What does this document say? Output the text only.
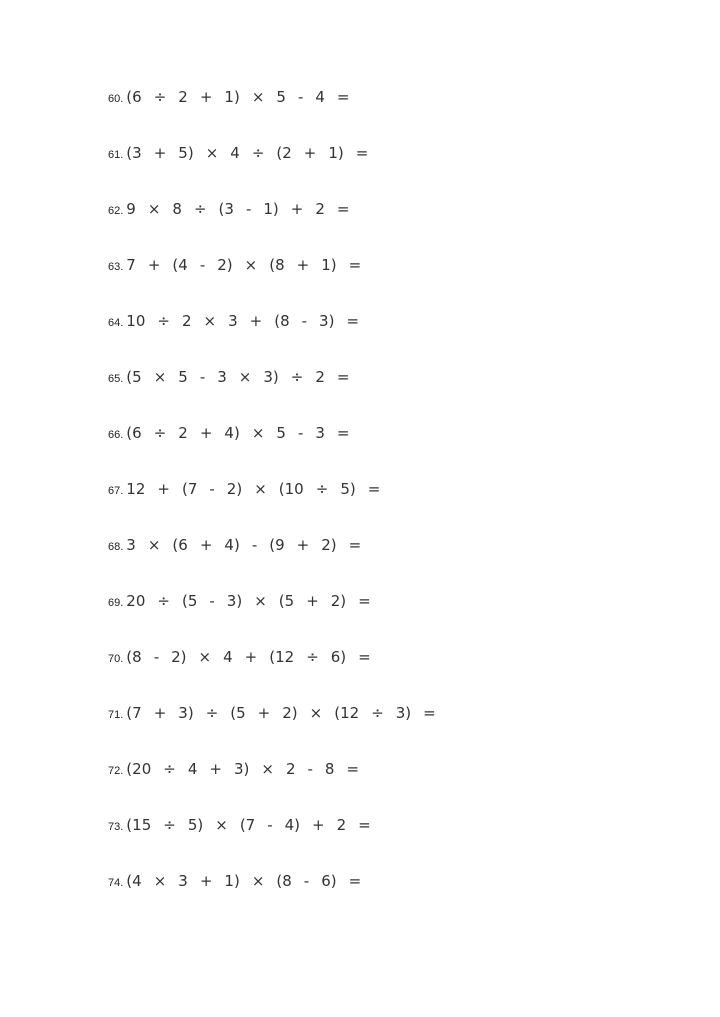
60. (6 ÷ 2 + 1) × 5 - 4 =
61. (3 + 5) × 4 ÷ (2 + 1) =
62. 9 × 8 ÷ (3 - 1) + 2 =
63. 7 + (4 - 2) × (8 + 1) =
64. 10 ÷ 2 × 3 + (8 - 3) =
65. (5 × 5 - 3 × 3) ÷ 2 =
66. (6 ÷ 2 + 4) × 5 - 3 =
67. 12 + (7 - 2) × (10 ÷ 5) =
68. 3 × (6 + 4) - (9 + 2) =
69. 20 ÷ (5 - 3) × (5 + 2) =
70. (8 - 2) × 4 + (12 ÷ 6) =
71. (7 + 3) ÷ (5 + 2) × (12 ÷ 3) =
72. (20 ÷ 4 + 3) × 2 - 8 =
73. (15 ÷ 5) × (7 - 4) + 2 =
74. (4 × 3 + 1) × (8 - 6) =
